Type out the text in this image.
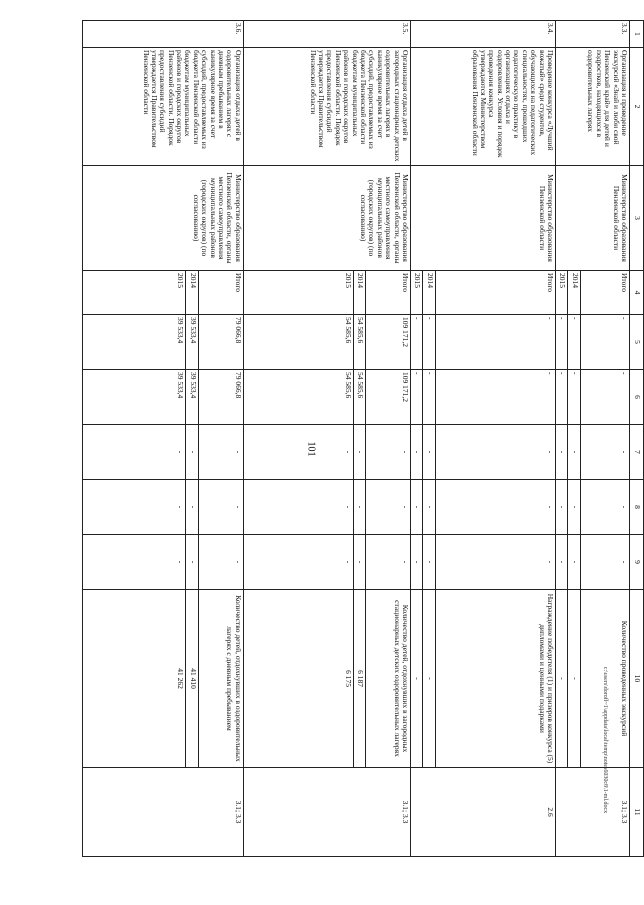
101
1	2	3	4	5	6	7	8	9	10	11
3.3.	Организация и проведение экскурсий «Знай и люби свой Пензенский край» для детей и подростков, находящихся в оздоровительных лагерях	Министерство образования Пензенской области	Итого	-	-	-	-	-	Количество проведенных экскурсий	3.1; 3.3
			2014	-	-	-	-	-	-	
			2015	-	-	-	-	-	-	
3.4.	Проведение конкурса «Лучший вожатый» среди студентов, обучающихся на педагогических специальностях, прошедших педагогическую практику в организациях отдыха и оздоровления. Условия и порядок проведения конкурса утверждаются Министерством образования Пензенской области	Министерство образования Пензенской области	Итого	-	-	-	-	-	Награждение победителя (1) и призеров конкурса (5) дипломами и ценными подарками	2.6
			2014	-	-	-	-	-	-	
			2015	-	-	-	-	-	-	
3.5.	Организация отдыха детей в загородных стационарных детских оздоровительных лагерях в каникулярное время за счет субсидий, предоставляемых из бюджета Пензенской области бюджетам муниципальных районов и городских округов Пензенской области. Порядок предоставления субсидий утверждается Правительством Пензенской области	Министерство образования Пензенской области, органы местного самоуправления муниципальных районов (городских округов) (по согласованию)	Итого	109 171,2	109 171,2	-	-	-	Количество детей, отдохнувших в загородных стационарных детских оздоровительных лагерях	3.1; 3.3
			2014	54 585,6	54 585,6	-	-	-	6 187	
			2015	54 585,6	54 585,6	-	-	-	6 175	
3.6.	Организация отдыха детей в оздоровительных лагерях с дневным пребыванием в каникулярное время за счет субсидий, предоставляемых из бюджета Пензенской области бюджетам муниципальных районов и городских округов Пензенской области. Порядок предоставления субсидий утверждается Правительством Пензенской области	Министерство образования Пензенской области, органы местного самоуправления муниципальных районов (городских округов) (по согласованию)	Итого	79 066,8	79 066,8	-	-	-	Количество детей, отдохнувших в оздоровительных лагерях с дневным пребыванием	3.1; 3.3
			2014	39 533,4	39 533,4	-	-	-	41 410	
			2015	39 533,4	39 533,4	-	-	-	41 262		c:\users\dorofl~1\appdata\local\temp\notes6030c8\1-ml.docx
